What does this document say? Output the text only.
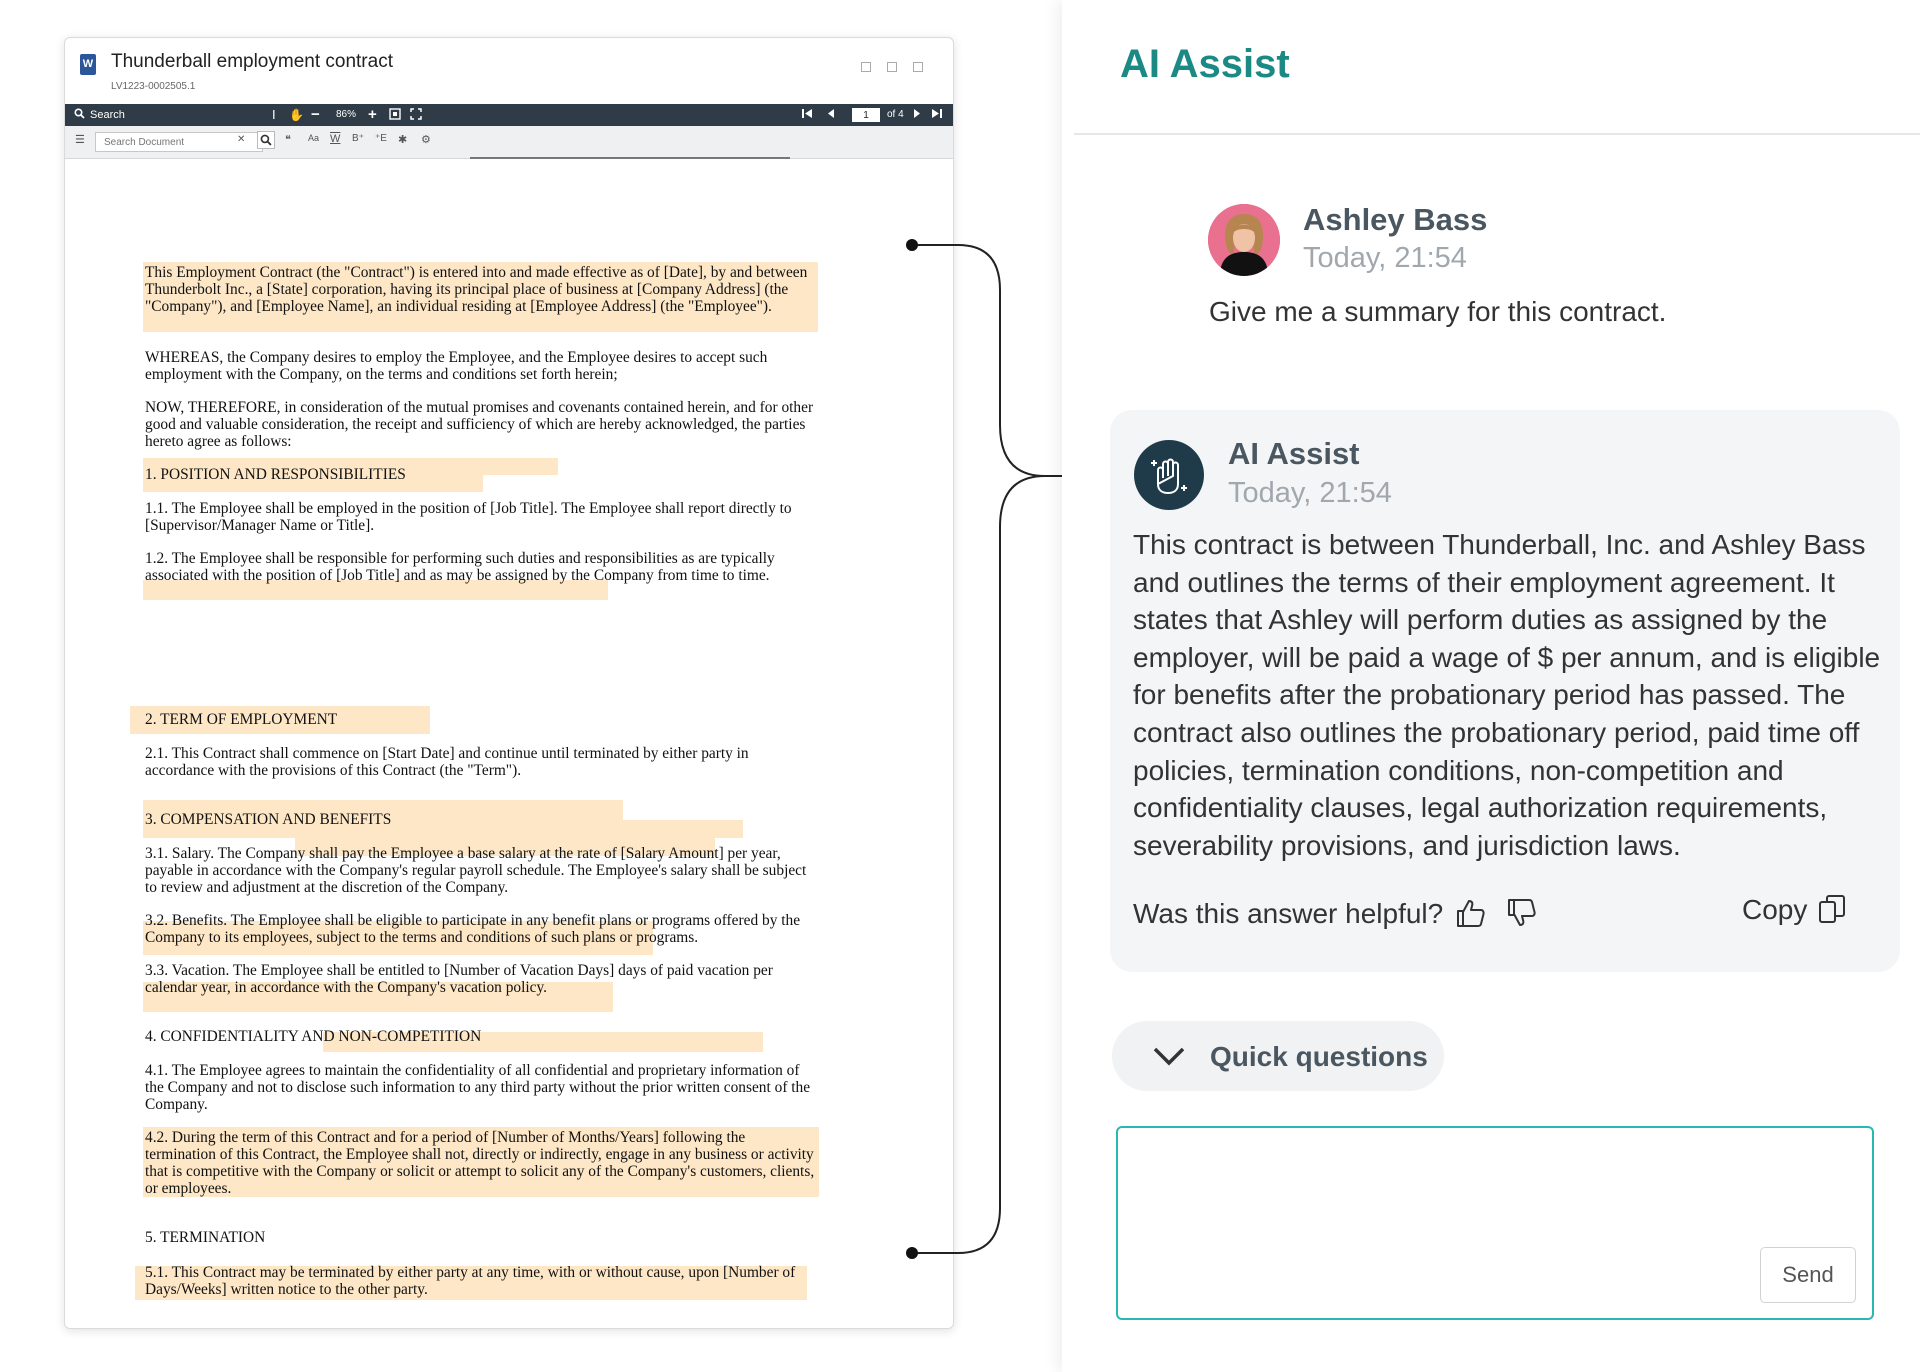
W Thunderball employment contract
LV1223-0002505.1
Search	I ✋ − 86% +
1	of 4
☰
Search Document	✕	❝ Aa W B⁺ ⁺E ✱ ⚙

This Employment Contract (the "Contract") is entered into and made effective as of [Date], by and between Thunderbolt Inc., a [State] corporation, having its principal place of business at [Company Address] (the "Company"), and [Employee Name], an individual residing at [Employee Address] (the "Employee").

WHEREAS, the Company desires to employ the Employee, and the Employee desires to accept such employment with the Company, on the terms and conditions set forth herein;

NOW, THEREFORE, in consideration of the mutual promises and covenants contained herein, and for other good and valuable consideration, the receipt and sufficiency of which are hereby acknowledged, the parties hereto agree as follows:

1. POSITION AND RESPONSIBILITIES

1.1. The Employee shall be employed in the position of [Job Title]. The Employee shall report directly to [Supervisor/Manager Name or Title].

1.2. The Employee shall be responsible for performing such duties and responsibilities as are typically associated with the position of [Job Title] and as may be assigned by the Company from time to time.

2. TERM OF EMPLOYMENT

2.1. This Contract shall commence on [Start Date] and continue until terminated by either party in accordance with the provisions of this Contract (the "Term").

3. COMPENSATION AND BENEFITS

3.1. Salary. The Company shall pay the Employee a base salary at the rate of [Salary Amount] per year, payable in accordance with the Company's regular payroll schedule. The Employee's salary shall be subject to review and adjustment at the discretion of the Company.

3.2. Benefits. The Employee shall be eligible to participate in any benefit plans or programs offered by the Company to its employees, subject to the terms and conditions of such plans or programs.

3.3. Vacation. The Employee shall be entitled to [Number of Vacation Days] days of paid vacation per calendar year, in accordance with the Company's vacation policy.

4. CONFIDENTIALITY AND NON-COMPETITION

4.1. The Employee agrees to maintain the confidentiality of all confidential and proprietary information of the Company and not to disclose such information to any third party without the prior written consent of the Company.

4.2. During the term of this Contract and for a period of [Number of Months/Years] following the termination of this Contract, the Employee shall not, directly or indirectly, engage in any business or activity that is competitive with the Company or solicit or attempt to solicit any of the Company's customers, clients, or employees.

5. TERMINATION

5.1. This Contract may be terminated by either party at any time, with or without cause, upon [Number of Days/Weeks] written notice to the other party.

AI Assist
Ashley Bass
Today, 21:54
Give me a summary for this contract.
AI Assist
Today, 21:54
This contract is between Thunderball, Inc. and Ashley Bass and outlines the terms of their employment agreement. It states that Ashley will perform duties as assigned by the employer, will be paid a wage of $ per annum, and is eligible for benefits after the probationary period has passed. The contract also outlines the probationary period, paid time off policies, termination conditions, non-competition and confidentiality clauses, legal authorization requirements, severability provisions, and jurisdiction laws.
Was this answer helpful?	Copy
Quick questions
Send
